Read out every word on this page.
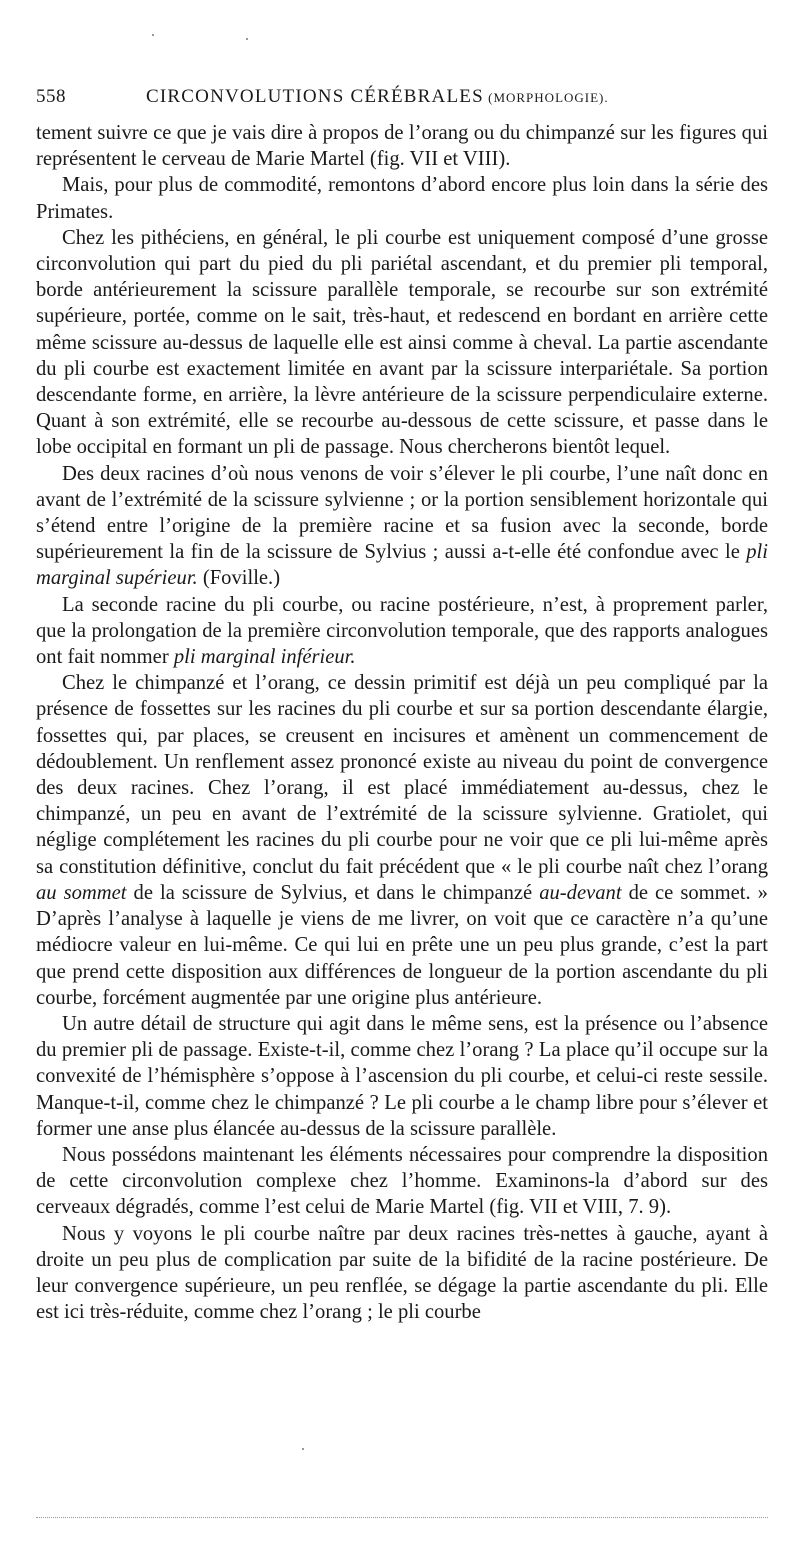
558	CIRCONVOLUTIONS CÉRÉBRALES (MORPHOLOGIE).

tement suivre ce que je vais dire à propos de l’orang ou du chimpanzé sur les figures qui représentent le cerveau de Marie Martel (fig. VII et VIII).

Mais, pour plus de commodité, remontons d’abord encore plus loin dans la série des Primates.

Chez les pithéciens, en général, le pli courbe est uniquement composé d’une grosse circonvolution qui part du pied du pli pariétal ascendant, et du premier pli temporal, borde antérieurement la scissure parallèle temporale, se recourbe sur son extrémité supérieure, portée, comme on le sait, très-haut, et redescend en bordant en arrière cette même scissure au-dessus de laquelle elle est ainsi comme à cheval. La partie ascendante du pli courbe est exactement limitée en avant par la scissure interpariétale. Sa portion descendante forme, en arrière, la lèvre antérieure de la scissure perpendiculaire externe. Quant à son extrémité, elle se recourbe au-dessous de cette scissure, et passe dans le lobe occipital en formant un pli de passage. Nous chercherons bientôt lequel.

Des deux racines d’où nous venons de voir s’élever le pli courbe, l’une naît donc en avant de l’extrémité de la scissure sylvienne ; or la portion sensiblement horizontale qui s’étend entre l’origine de la première racine et sa fusion avec la seconde, borde supérieurement la fin de la scissure de Sylvius ; aussi a-t-elle été confondue avec le pli marginal supérieur. (Foville.)

La seconde racine du pli courbe, ou racine postérieure, n’est, à proprement parler, que la prolongation de la première circonvolution temporale, que des rapports analogues ont fait nommer pli marginal inférieur.

Chez le chimpanzé et l’orang, ce dessin primitif est déjà un peu compliqué par la présence de fossettes sur les racines du pli courbe et sur sa portion descendante élargie, fossettes qui, par places, se creusent en incisures et amènent un commencement de dédoublement. Un renflement assez prononcé existe au niveau du point de convergence des deux racines. Chez l’orang, il est placé immédiatement au-dessus, chez le chimpanzé, un peu en avant de l’extrémité de la scissure sylvienne. Gratiolet, qui néglige complétement les racines du pli courbe pour ne voir que ce pli lui-même après sa constitution définitive, conclut du fait précédent que « le pli courbe naît chez l’orang au sommet de la scissure de Sylvius, et dans le chimpanzé au-devant de ce sommet. » D’après l’analyse à laquelle je viens de me livrer, on voit que ce caractère n’a qu’une médiocre valeur en lui-même. Ce qui lui en prête une un peu plus grande, c’est la part que prend cette disposition aux différences de longueur de la portion ascendante du pli courbe, forcément augmentée par une origine plus antérieure.

Un autre détail de structure qui agit dans le même sens, est la présence ou l’absence du premier pli de passage. Existe-t-il, comme chez l’orang ? La place qu’il occupe sur la convexité de l’hémisphère s’oppose à l’ascension du pli courbe, et celui-ci reste sessile. Manque-t-il, comme chez le chimpanzé ? Le pli courbe a le champ libre pour s’élever et former une anse plus élancée au-dessus de la scissure parallèle.

Nous possédons maintenant les éléments nécessaires pour comprendre la disposition de cette circonvolution complexe chez l’homme. Examinons-la d’abord sur des cerveaux dégradés, comme l’est celui de Marie Martel (fig. VII et VIII, 7. 9).

Nous y voyons le pli courbe naître par deux racines très-nettes à gauche, ayant à droite un peu plus de complication par suite de la bifidité de la racine postérieure. De leur convergence supérieure, un peu renflée, se dégage la partie ascendante du pli. Elle est ici très-réduite, comme chez l’orang ; le pli courbe
